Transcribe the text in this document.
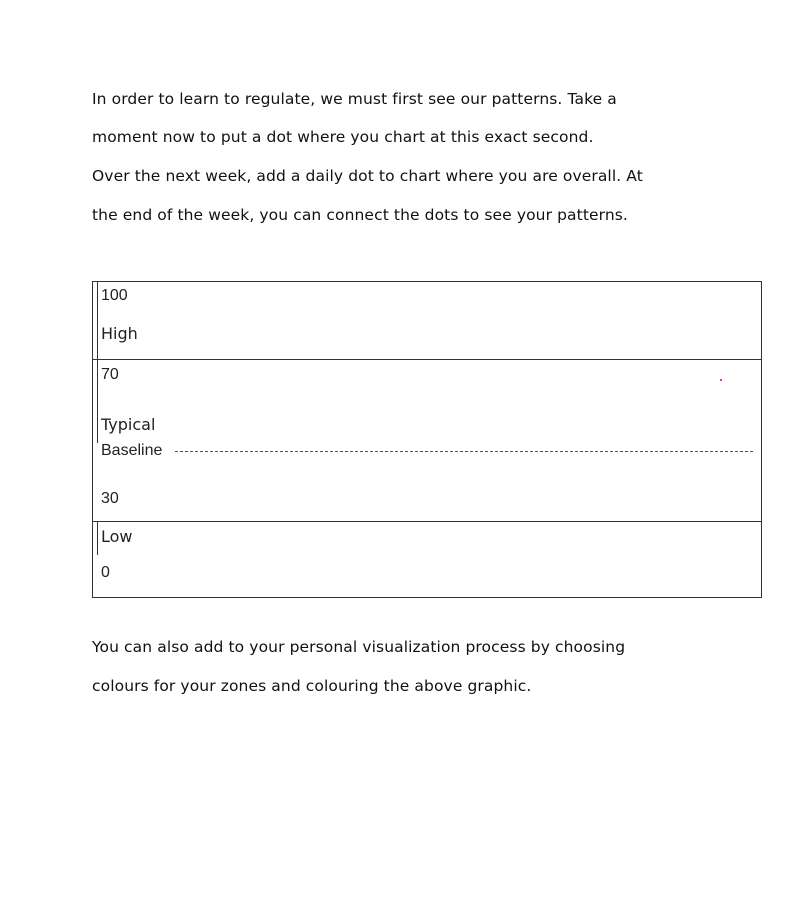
In order to learn to regulate, we must first see our patterns. Take a
moment now to put a dot where you chart at this exact second.
Over the next week, add a daily dot to chart where you are overall. At
the end of the week, you can connect the dots to see your patterns.
100
High
70
Typical
Baseline
30
Low
0
You can also add to your personal visualization process by choosing
colours for your zones and colouring the above graphic.
